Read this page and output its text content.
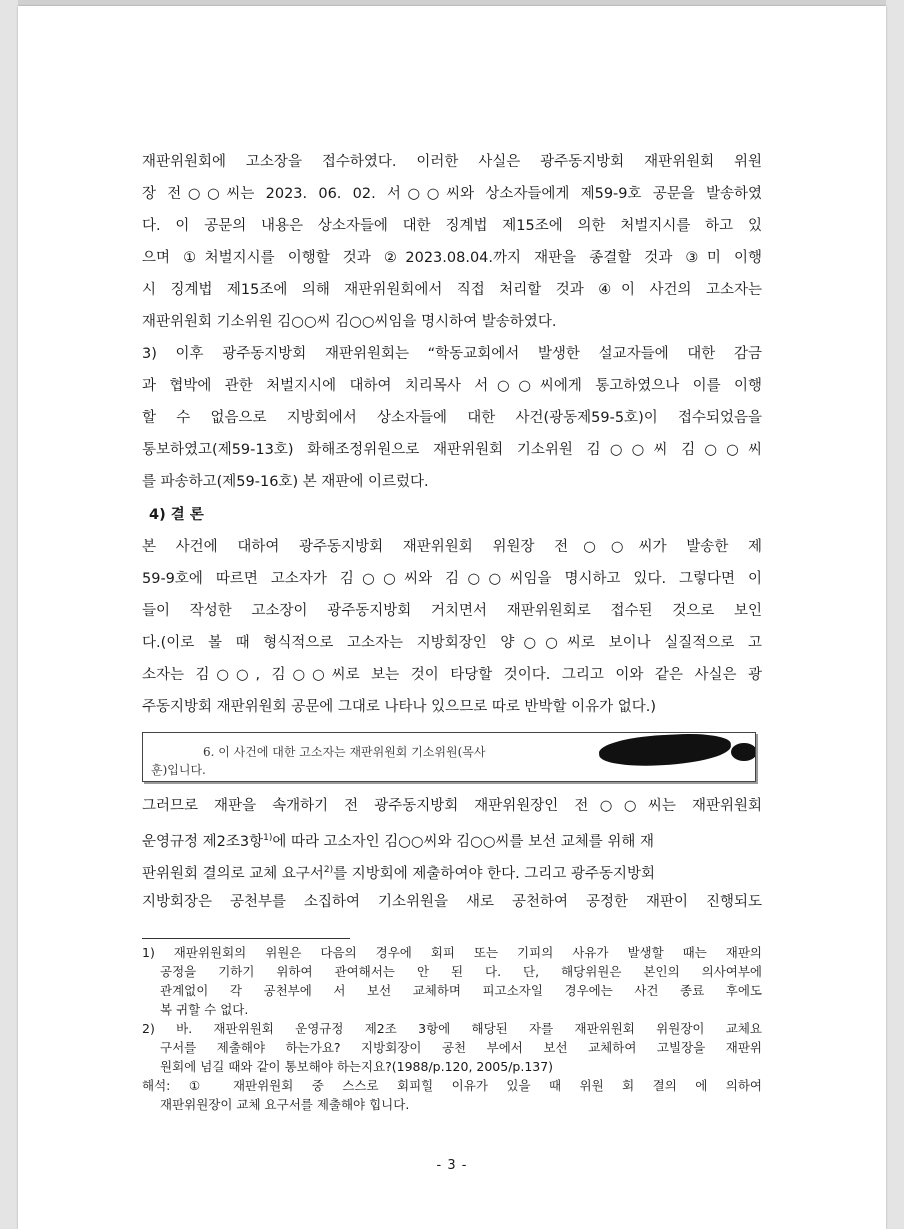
재판위원회에 고소장을 접수하였다. 이러한 사실은 광주동지방회 재판위원회 위원
장 전○○씨는 2023. 06. 02. 서○○씨와 상소자들에게 제59-9호 공문을 발송하였
다. 이 공문의 내용은 상소자들에 대한 징계법 제15조에 의한 처벌지시를 하고 있
으며 ①처벌지시를 이행할 것과 ②2023.08.04.까지 재판을 종결할 것과 ③미 이행
시 징계법 제15조에 의해 재판위원회에서 직접 처리할 것과 ④이 사건의 고소자는
재판위원회 기소위원 김○○씨 김○○씨임을 명시하여 발송하였다.
3) 이후 광주동지방회 재판위원회는 “학동교회에서 발생한 설교자들에 대한 감금
과 협박에 관한 처벌지시에 대하여 치리목사 서○○씨에게 통고하였으나 이를 이행
할 수 없음으로 지방회에서 상소자들에 대한 사건(광동제59-5호)이 접수되었음을
통보하였고(제59-13호) 화해조정위원으로 재판위원회 기소위원 김○○씨 김○○씨
를 파송하고(제59-16호) 본 재판에 이르렀다.
4) 결 론
본 사건에 대하여 광주동지방회 재판위원회 위원장 전○○씨가 발송한 제
59-9호에 따르면 고소자가 김○○씨와 김○○씨임을 명시하고 있다. 그렇다면 이
들이 작성한 고소장이 광주동지방회 거치면서 재판위원회로 접수된 것으로 보인
다.(이로 볼 때 형식적으로 고소자는 지방회장인 양○○씨로 보이나 실질적으로 고
소자는 김○○, 김○○씨로 보는 것이 타당할 것이다. 그리고 이와 같은 사실은 광
주동지방회 재판위원회 공문에 그대로 나타나 있으므로 따로 반박할 이유가 없다.)
6. 이 사건에 대한 고소자는 재판위원회 기소위원(목사
훈)입니다.
그러므로 재판을 속개하기 전 광주동지방회 재판위원장인 전○○씨는 재판위원회
운영규정 제2조3항$^{1)}$에 따라 고소자인 김○○씨와 김○○씨를 보선 교체를 위해 재
판위원회 결의로 교체 요구서$^{2)}$를 지방회에 제출하여야 한다. 그리고 광주동지방회
지방회장은 공천부를 소집하여 기소위원을 새로 공천하여 공정한 재판이 진행되도
1) 재판위원회의 위원은 다음의 경우에 회피 또는 기피의 사유가 발생할 때는 재판의
공정을 기하기 위하여 관여해서는 안 된 다. 단, 해당위원은 본인의 의사여부에
관계없이 각 공천부에 서 보선 교체하며 피고소자일 경우에는 사건 종료 후에도
복 귀할 수 없다.
2) 바. 재판위원회 운영규정 제2조 3항에 해당된 자를 재판위원회 위원장이 교체요
구서를 제출해야 하는가요? 지방회장이 공천 부에서 보선 교체하여 고빌장을 재판위
원회에 넘길 때와 같이 통보해야 하는지요?(1988/p.120, 2005/p.137)
해석: ① 재판위원회 중 스스로 회피힐 이유가 있을 때 위원 회 결의 에 의하여
재판위원장이 교체 요구서를 제출해야 힙니다.
- 3 -
